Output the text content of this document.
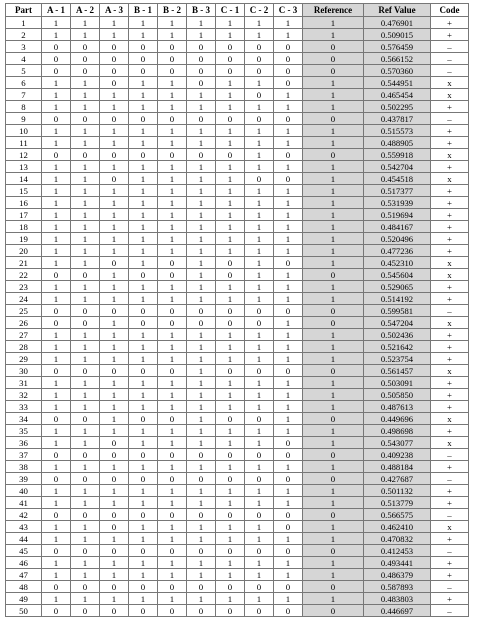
Part	A - 1	A - 2	A - 3	B - 1	B - 2	B - 3	C - 1	C - 2	C - 3	Reference	Ref Value	Code
1	1	1	1	1	1	1	1	1	1	1	0.476901	+
2	1	1	1	1	1	1	1	1	1	1	0.509015	+
3	0	0	0	0	0	0	0	0	0	0	0.576459	–
4	0	0	0	0	0	0	0	0	0	0	0.566152	–
5	0	0	0	0	0	0	0	0	0	0	0.570360	–
6	1	1	0	1	1	0	1	1	0	1	0.544951	x
7	1	1	1	1	1	1	1	0	1	1	0.465454	x
8	1	1	1	1	1	1	1	1	1	1	0.502295	+
9	0	0	0	0	0	0	0	0	0	0	0.437817	–
10	1	1	1	1	1	1	1	1	1	1	0.515573	+
11	1	1	1	1	1	1	1	1	1	1	0.488905	+
12	0	0	0	0	0	0	0	1	0	0	0.559918	x
13	1	1	1	1	1	1	1	1	1	1	0.542704	+
14	1	1	0	1	1	1	1	0	0	1	0.454518	x
15	1	1	1	1	1	1	1	1	1	1	0.517377	+
16	1	1	1	1	1	1	1	1	1	1	0.531939	+
17	1	1	1	1	1	1	1	1	1	1	0.519694	+
18	1	1	1	1	1	1	1	1	1	1	0.484167	+
19	1	1	1	1	1	1	1	1	1	1	0.520496	+
20	1	1	1	1	1	1	1	1	1	1	0.477236	+
21	1	1	0	1	0	1	0	1	0	1	0.452310	x
22	0	0	1	0	0	1	0	1	1	0	0.545604	x
23	1	1	1	1	1	1	1	1	1	1	0.529065	+
24	1	1	1	1	1	1	1	1	1	1	0.514192	+
25	0	0	0	0	0	0	0	0	0	0	0.599581	–
26	0	0	1	0	0	0	0	0	1	0	0.547204	x
27	1	1	1	1	1	1	1	1	1	1	0.502436	+
28	1	1	1	1	1	1	1	1	1	1	0.521642	+
29	1	1	1	1	1	1	1	1	1	1	0.523754	+
30	0	0	0	0	0	1	0	0	0	0	0.561457	x
31	1	1	1	1	1	1	1	1	1	1	0.503091	+
32	1	1	1	1	1	1	1	1	1	1	0.505850	+
33	1	1	1	1	1	1	1	1	1	1	0.487613	+
34	0	0	1	0	0	1	0	0	1	0	0.449696	x
35	1	1	1	1	1	1	1	1	1	1	0.498698	+
36	1	1	0	1	1	1	1	1	0	1	0.543077	x
37	0	0	0	0	0	0	0	0	0	0	0.409238	–
38	1	1	1	1	1	1	1	1	1	1	0.488184	+
39	0	0	0	0	0	0	0	0	0	0	0.427687	–
40	1	1	1	1	1	1	1	1	1	1	0.501132	+
41	1	1	1	1	1	1	1	1	1	1	0.513779	+
42	0	0	0	0	0	0	0	0	0	0	0.566575	–
43	1	1	0	1	1	1	1	1	0	1	0.462410	x
44	1	1	1	1	1	1	1	1	1	1	0.470832	+
45	0	0	0	0	0	0	0	0	0	0	0.412453	–
46	1	1	1	1	1	1	1	1	1	1	0.493441	+
47	1	1	1	1	1	1	1	1	1	1	0.486379	+
48	0	0	0	0	0	0	0	0	0	0	0.587893	–
49	1	1	1	1	1	1	1	1	1	1	0.483803	+
50	0	0	0	0	0	0	0	0	0	0	0.446697	–
